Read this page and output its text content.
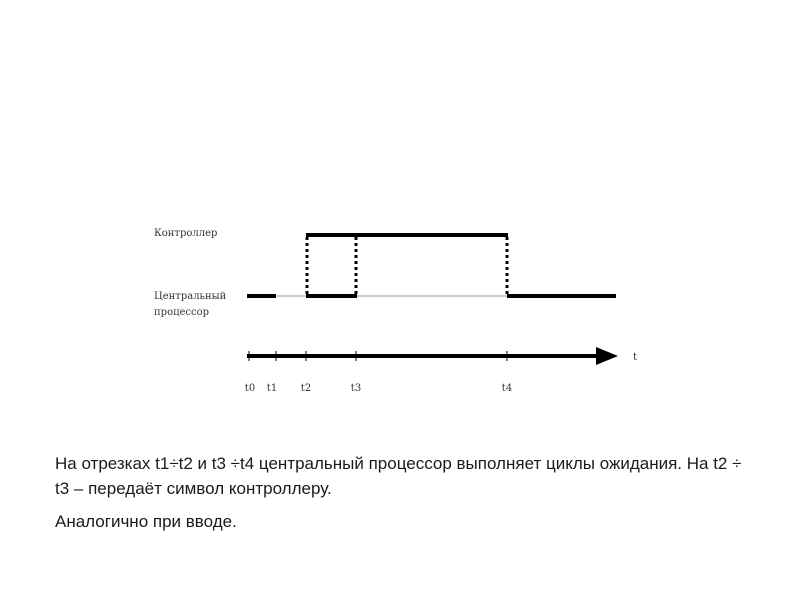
Контроллер
Центральный
процессор
t
t0 t1 t2	t3	t4

На отрезках t1÷t2 и t3 ÷t4 центральный процессор выполняет циклы ожидания. На t2 ÷ t3 – передаёт символ контроллеру.

Аналогично при вводе.
